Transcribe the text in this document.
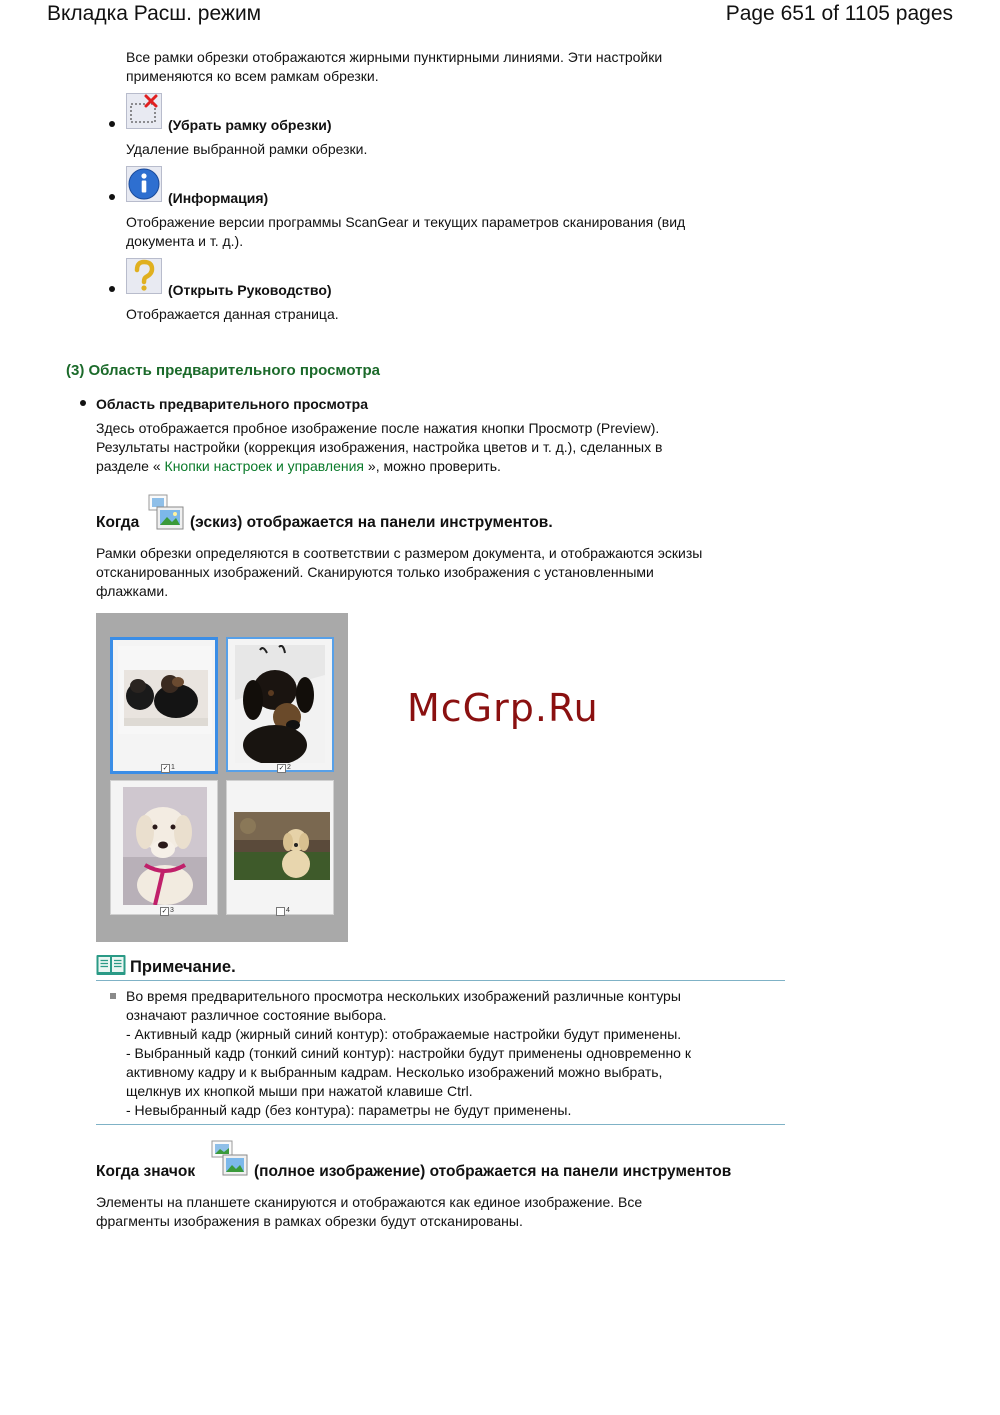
Вкладка Расш. режим	Page 651 of 1105 pages

Все рамки обрезки отображаются жирными пунктирными линиями. Эти настройки

применяются ко всем рамкам обрезки.

(Убрать рамку обрезки)
Удаление выбранной рамки обрезки.
(Информация)

Отображение версии программы ScanGear и текущих параметров сканирования (вид

документа и т. д.).

(Открыть Руководство)
Отображается данная страница.
(3) Область предварительного просмотра
Область предварительного просмотра

Здесь отображается пробное изображение после нажатия кнопки Просмотр (Preview).

Результаты настройки (коррекция изображения, настройка цветов и т. д.), сделанных в

разделе « Кнопки настроек и управления », можно проверить.

Когда	(эскиз) отображается на панели инструментов.

Рамки обрезки определяются в соответствии с размером документа, и отображаются эскизы

отсканированных изображений. Сканируются только изображения с установленными

флажками.

✓ 1	✓ 2
✓ 3	4
McGrp.Ru
Примечание.

Во время предварительного просмотра нескольких изображений различные контуры

означают различное состояние выбора.

- Активный кадр (жирный синий контур): отображаемые настройки будут применены.

- Выбранный кадр (тонкий синий контур): настройки будут применены одновременно к

активному кадру и к выбранным кадрам. Несколько изображений можно выбрать,

щелкнув их кнопкой мыши при нажатой клавише Ctrl.

- Невыбранный кадр (без контура): параметры не будут применены.

Когда значок	(полное изображение) отображается на панели инструментов

Элементы на планшете сканируются и отображаются как единое изображение. Все

фрагменты изображения в рамках обрезки будут отсканированы.
